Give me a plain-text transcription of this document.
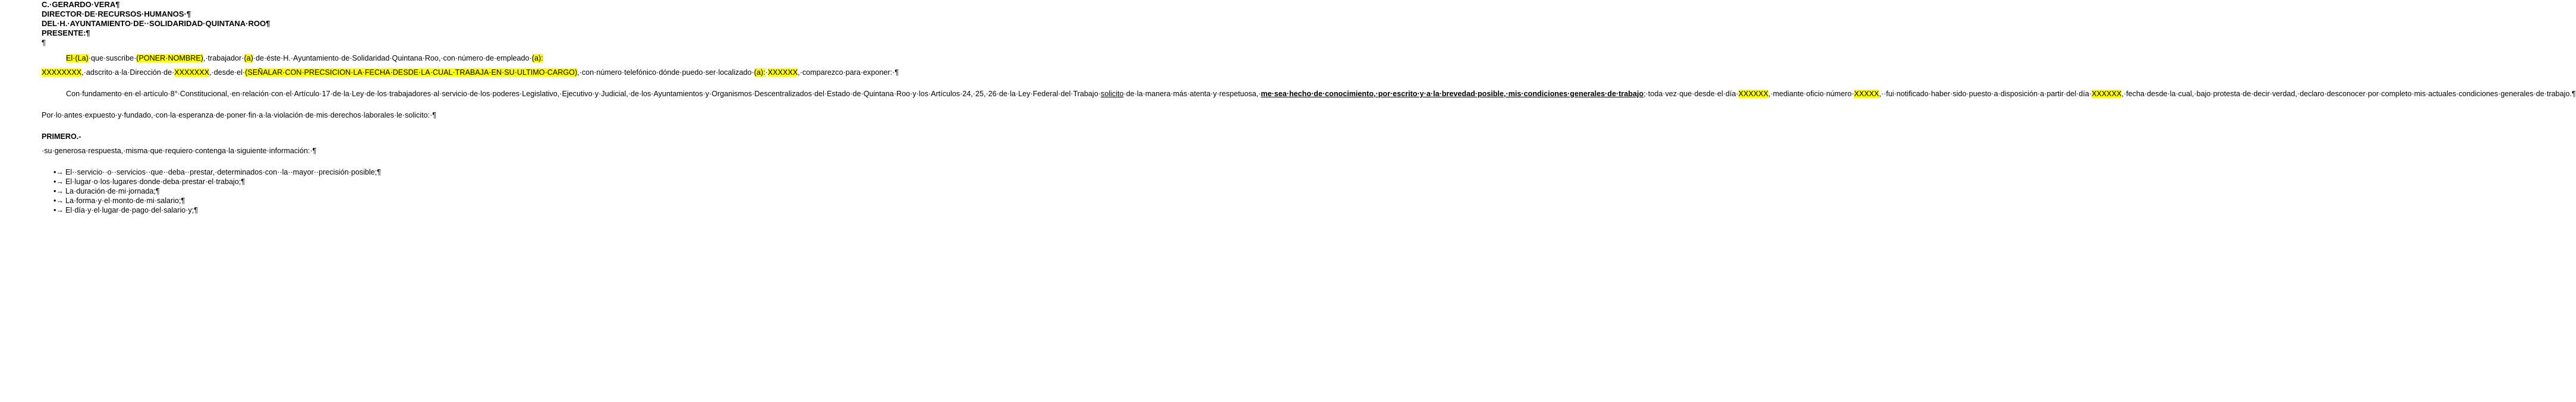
C.·GERARDO·VERA¶
DIRECTOR·DE·RECURSOS·HUMANOS·¶
DEL·H.·AYUNTAMIENTO·DE··SOLIDARIDAD·QUINTANA·ROO¶
PRESENTE:¶
¶

El·(La)·que·suscribe·(PONER·NOMBRE),·trabajador·(a)·de·éste·H.·Ayuntamiento·de·Solidaridad·Quintana·Roo,·con·número·de·empleado·(a): XXXXXXXX,·adscrito·a·la·Dirección·de·XXXXXXX,·desde·el·(SEÑALAR·CON·PRECSICION·LA·FECHA·DESDE·LA·CUAL·TRABAJA·EN·SU·ULTIMO·CARGO),·con·número·telefónico·dónde·puedo·ser·localizado·(a):·XXXXXX,·comparezco·para·exponer:·¶

Con·fundamento·en·el·artículo·8°·Constitucional,·en·relación·con·el·Artículo·17·de·la·Ley·de·los·trabajadores·al·servicio·de·los·poderes·Legislativo,·Ejecutivo·y·Judicial,·de·los·Ayuntamientos·y·Organismos·Descentralizados·del·Estado·de·Quintana·Roo·y·los·Artículos·24,·25,·26·de·la·Ley·Federal·del·Trabajo·solicito·de·la·manera·más·atenta·y·respetuosa,·me·sea·hecho·de·conocimiento,·por·escrito·y·a·la·brevedad·posible,·mis·condiciones·generales·de·trabajo;·toda·vez·que·desde·el·día·XXXXXX,·mediante·oficio·número·XXXXX,··fui·notificado·haber·sido·puesto·a·disposición·a·partir·del·día·XXXXXX,·fecha·desde·la·cual,·bajo·protesta·de·decir·verdad,·declaro·desconocer·por·completo·mis·actuales·condiciones·generales·de·trabajo.¶

Por·lo·antes·expuesto·y·fundado,·con·la·esperanza·de·poner·fin·a·la·violación·de·mis·derechos·laborales·le·solicito:·¶

PRIMERO.-·su·generosa·respuesta,·misma·que·requiero·contenga·la·siguiente·información:·¶

•→ El··servicio··o··servicios··que··deba··prestar,·determinados·con··la··mayor··precisión·posible;¶
•→ El·lugar·o·los·lugares·donde·deba·prestar·el·trabajo;¶
•→ La·duración·de·mi·jornada;¶
•→ La·forma·y·el·monto·de·mi·salario;¶
•→ El·día·y·el·lugar·de·pago·del·salario·y;¶
